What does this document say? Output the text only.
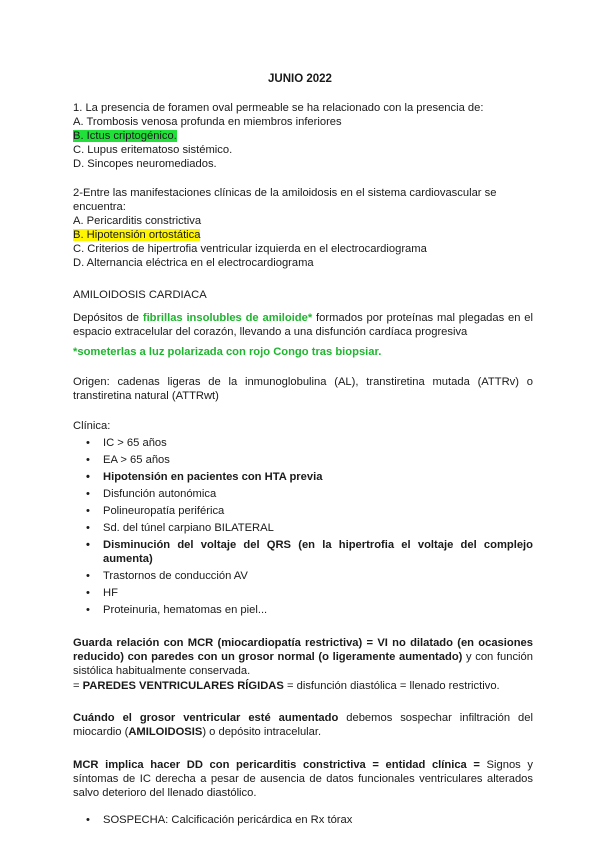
JUNIO 2022
1. La presencia de foramen oval permeable se ha relacionado con la presencia de:
A. Trombosis venosa profunda en miembros inferiores
B. Ictus criptogénico.
C. Lupus eritematoso sistémico.
D. Sincopes neuromediados.
2-Entre las manifestaciones clínicas de la amiloidosis en el sistema cardiovascular se
encuentra:
A. Pericarditis constrictiva
B. Hipotensión ortostática
C. Criterios de hipertrofia ventricular izquierda en el electrocardiograma
D. Alternancia eléctrica en el electrocardiograma
AMILOIDOSIS CARDIACA
Depósitos de fibrillas insolubles de amiloide* formados por proteínas mal plegadas en el espacio extracelular del corazón, llevando a una disfunción cardíaca progresiva
*someterlas a luz polarizada con rojo Congo tras biopsiar.
Origen: cadenas ligeras de la inmunoglobulina (AL), transtiretina mutada (ATTRv) o transtiretina natural (ATTRwt)
Clínica:
• IC > 65 años
• EA > 65 años
• Hipotensión en pacientes con HTA previa
• Disfunción autonómica
• Polineuropatía periférica
• Sd. del túnel carpiano BILATERAL
• Disminución del voltaje del QRS (en la hipertrofia el voltaje del complejo aumenta)
• Trastornos de conducción AV
• HF
• Proteinuria, hematomas en piel...
Guarda relación con MCR (miocardiopatía restrictiva) = VI no dilatado (en ocasiones reducido) con paredes con un grosor normal (o ligeramente aumentado) y con función sistólica habitualmente conservada.
= PAREDES VENTRICULARES RÍGIDAS = disfunción diastólica = llenado restrictivo.
Cuándo el grosor ventricular esté aumentado debemos sospechar infiltración del miocardio (AMILOIDOSIS) o depósito intracelular.
MCR implica hacer DD con pericarditis constrictiva = entidad clínica = Signos y síntomas de IC derecha a pesar de ausencia de datos funcionales ventriculares alterados salvo deterioro del llenado diastólico.
• SOSPECHA: Calcificación pericárdica en Rx tórax
